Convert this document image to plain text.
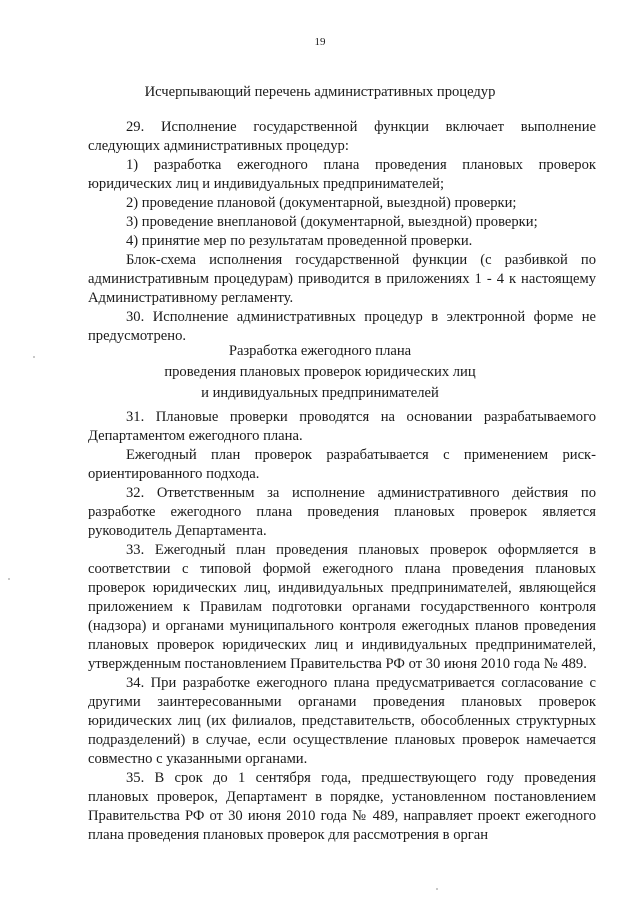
19
Исчерпывающий перечень административных процедур

29. Исполнение государственной функции включает выполнение следующих административных процедур:

1) разработка ежегодного плана проведения плановых проверок юридических лиц и индивидуальных предпринимателей;

2) проведение плановой (документарной, выездной) проверки;

3) проведение внеплановой (документарной, выездной) проверки;

4) принятие мер по результатам проведенной проверки.

Блок-схема исполнения государственной функции (с разбивкой по административным процедурам) приводится в приложениях 1 - 4 к настоящему Административному регламенту.

30. Исполнение административных процедур в электронной форме не предусмотрено.

Разработка ежегодного плана
проведения плановых проверок юридических лиц
и индивидуальных предпринимателей

31. Плановые проверки проводятся на основании разрабатываемого Департаментом ежегодного плана.

Ежегодный план проверок разрабатывается с применением риск-ориентированного подхода.

32. Ответственным за исполнение административного действия по разработке ежегодного плана проведения плановых проверок является руководитель Департамента.

33. Ежегодный план проведения плановых проверок оформляется в соответствии с типовой формой ежегодного плана проведения плановых проверок юридических лиц, индивидуальных предпринимателей, являющейся приложением к Правилам подготовки органами государственного контроля (надзора) и органами муниципального контроля ежегодных планов проведения плановых проверок юридических лиц и индивидуальных предпринимателей, утвержденным постановлением Правительства РФ от 30 июня 2010 года № 489.

34. При разработке ежегодного плана предусматривается согласование с другими заинтересованными органами проведения плановых проверок юридических лиц (их филиалов, представительств, обособленных структурных подразделений) в случае, если осуществление плановых проверок намечается совместно с указанными органами.

35. В срок до 1 сентября года, предшествующего году проведения плановых проверок, Департамент в порядке, установленном постановлением Правительства РФ от 30 июня 2010 года № 489, направляет проект ежегодного плана проведения плановых проверок для рассмотрения в орган
